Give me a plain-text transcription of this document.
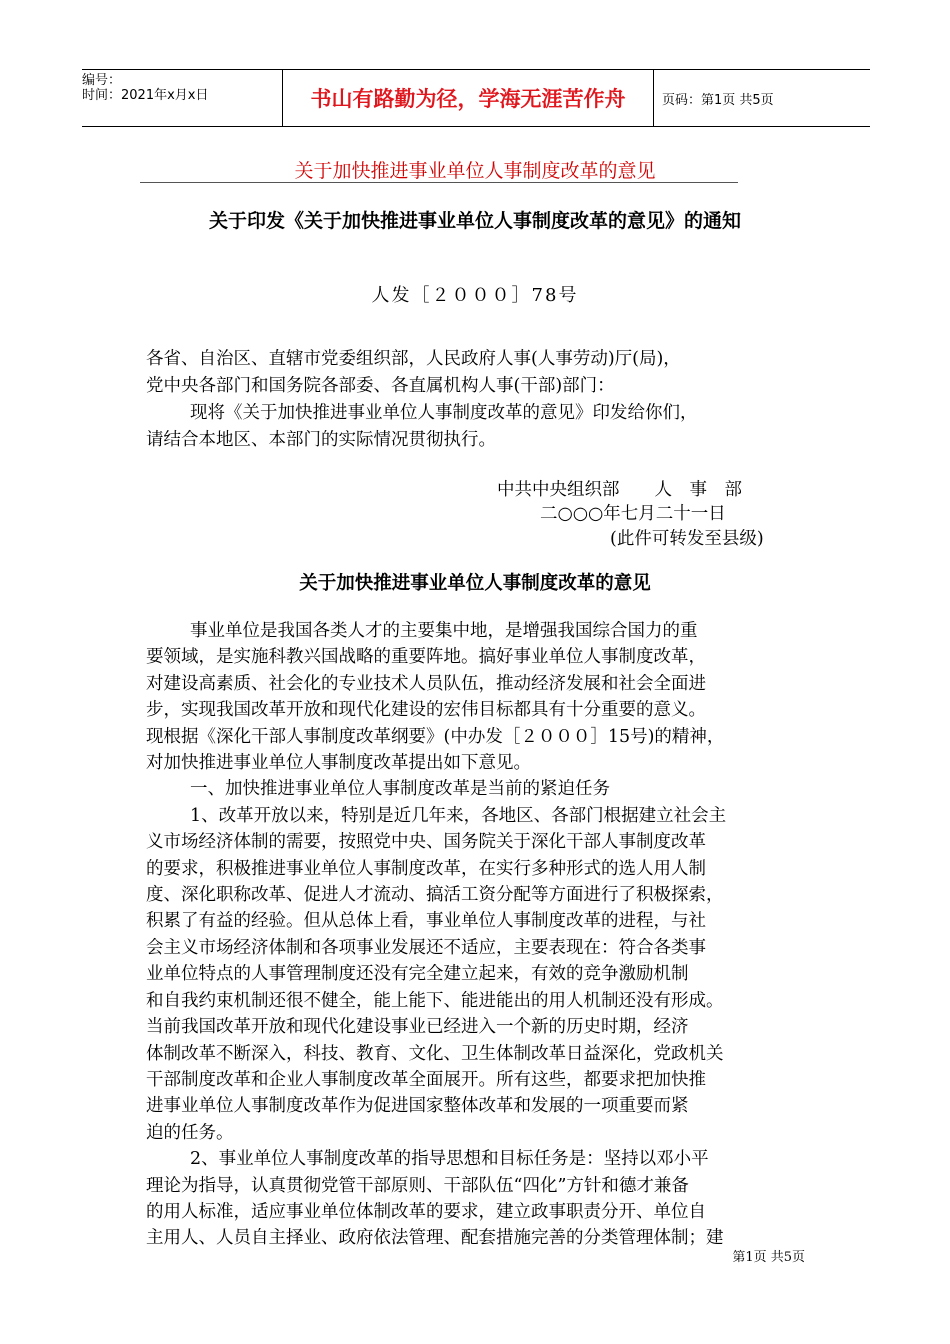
编号：
时间：2021年x月x日	书山有路勤为径，学海无涯苦作舟	页码：第1页 共5页
关于加快推进事业单位人事制度改革的意见
关于印发《关于加快推进事业单位人事制度改革的意见》的通知
人发［２０００］78号
各省、自治区、直辖市党委组织部，人民政府人事(人事劳动)厅(局)，
党中央各部门和国务院各部委、各直属机构人事(干部)部门：
现将《关于加快推进事业单位人事制度改革的意见》印发给你们，
请结合本地区、本部门的实际情况贯彻执行。
中共中央组织部　　人　事　部
二○○○年七月二十一日
(此件可转发至县级)
关于加快推进事业单位人事制度改革的意见
事业单位是我国各类人才的主要集中地，是增强我国综合国力的重
要领域，是实施科教兴国战略的重要阵地。搞好事业单位人事制度改革，
对建设高素质、社会化的专业技术人员队伍，推动经济发展和社会全面进
步，实现我国改革开放和现代化建设的宏伟目标都具有十分重要的意义。
现根据《深化干部人事制度改革纲要》(中办发［２０００］15号)的精神，
对加快推进事业单位人事制度改革提出如下意见。
一、加快推进事业单位人事制度改革是当前的紧迫任务
1、改革开放以来，特别是近几年来，各地区、各部门根据建立社会主
义市场经济体制的需要，按照党中央、国务院关于深化干部人事制度改革
的要求，积极推进事业单位人事制度改革，在实行多种形式的选人用人制
度、深化职称改革、促进人才流动、搞活工资分配等方面进行了积极探索，
积累了有益的经验。但从总体上看，事业单位人事制度改革的进程，与社
会主义市场经济体制和各项事业发展还不适应，主要表现在：符合各类事
业单位特点的人事管理制度还没有完全建立起来，有效的竞争激励机制
和自我约束机制还很不健全，能上能下、能进能出的用人机制还没有形成。
当前我国改革开放和现代化建设事业已经进入一个新的历史时期，经济
体制改革不断深入，科技、教育、文化、卫生体制改革日益深化，党政机关
干部制度改革和企业人事制度改革全面展开。所有这些，都要求把加快推
进事业单位人事制度改革作为促进国家整体改革和发展的一项重要而紧
迫的任务。
2、事业单位人事制度改革的指导思想和目标任务是：坚持以邓小平
理论为指导，认真贯彻党管干部原则、干部队伍“四化”方针和德才兼备
的用人标准，适应事业单位体制改革的要求，建立政事职责分开、单位自
主用人、人员自主择业、政府依法管理、配套措施完善的分类管理体制；建
第1页 共5页
